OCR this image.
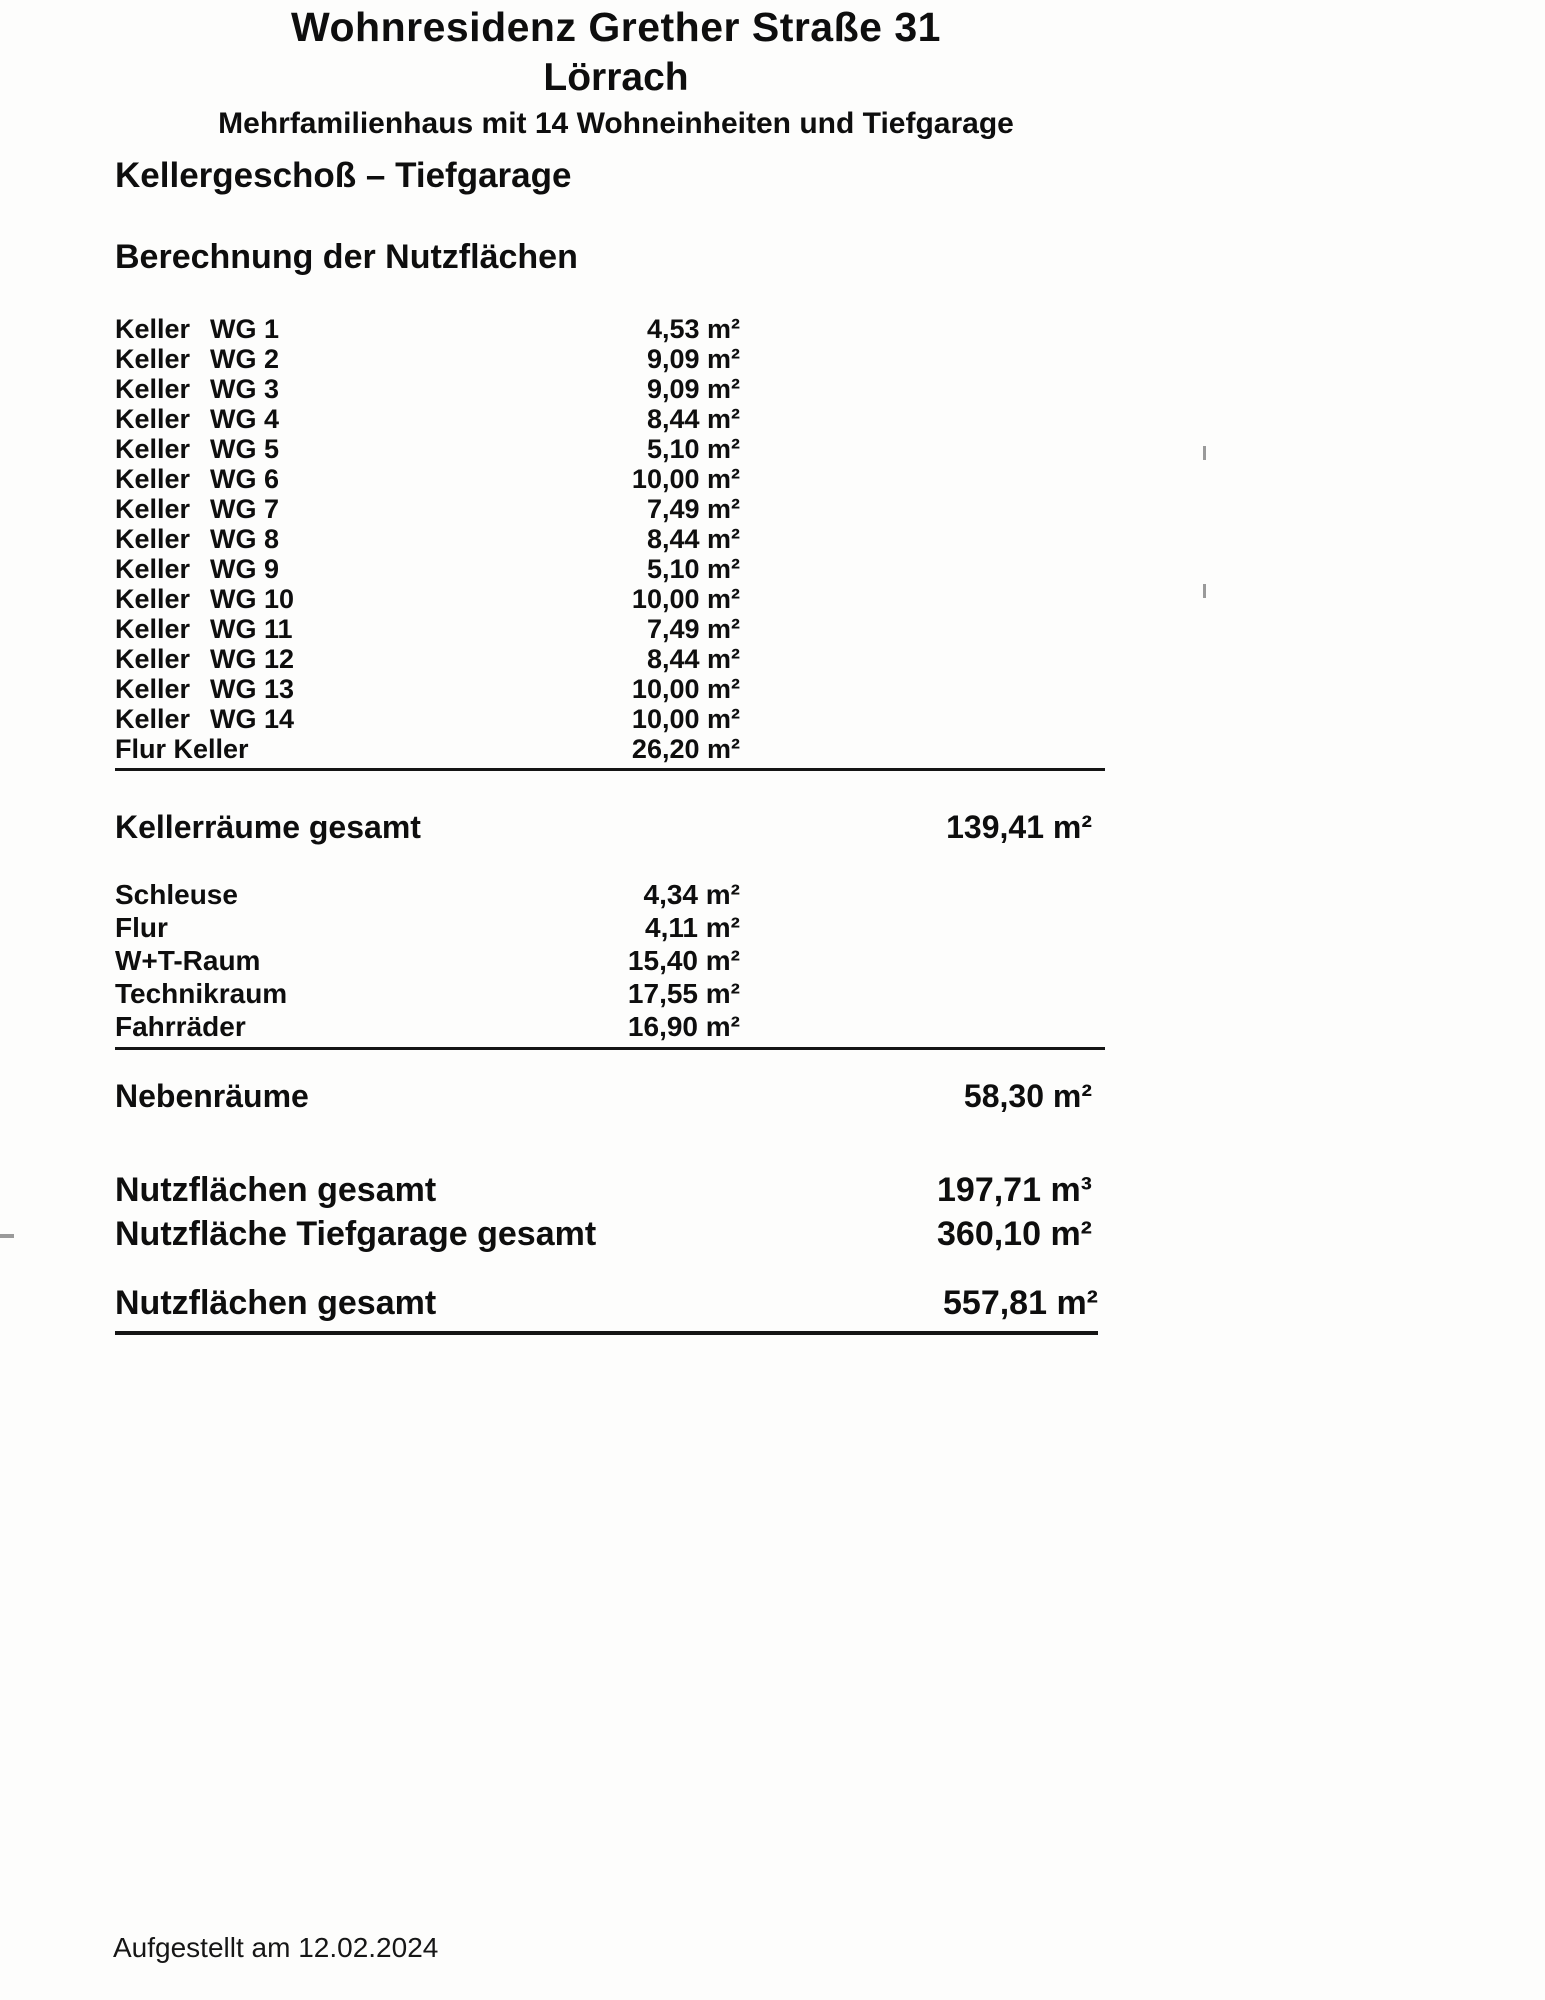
Wohnresidenz Grether Straße 31
Lörrach
Mehrfamilienhaus mit 14 Wohneinheiten und Tiefgarage
Kellergeschoß – Tiefgarage
Berechnung der Nutzflächen
Keller WG 1	4,53 m²
Keller WG 2	9,09 m²
Keller WG 3	9,09 m²
Keller WG 4	8,44 m²
Keller WG 5	5,10 m²
Keller WG 6	10,00 m²
Keller WG 7	7,49 m²
Keller WG 8	8,44 m²
Keller WG 9	5,10 m²
Keller WG 10	10,00 m²
Keller WG 11	7,49 m²
Keller WG 12	8,44 m²
Keller WG 13	10,00 m²
Keller WG 14	10,00 m²
Flur Keller	26,20 m²
Kellerräume gesamt	139,41 m²
Schleuse	4,34 m²
Flur	4,11 m²
W+T-Raum	15,40 m²
Technikraum	17,55 m²
Fahrräder	16,90 m²
Nebenräume	58,30 m²
Nutzflächen gesamt	197,71 m³
Nutzfläche Tiefgarage gesamt	360,10 m²
Nutzflächen gesamt	557,81 m²
Aufgestellt am 12.02.2024
